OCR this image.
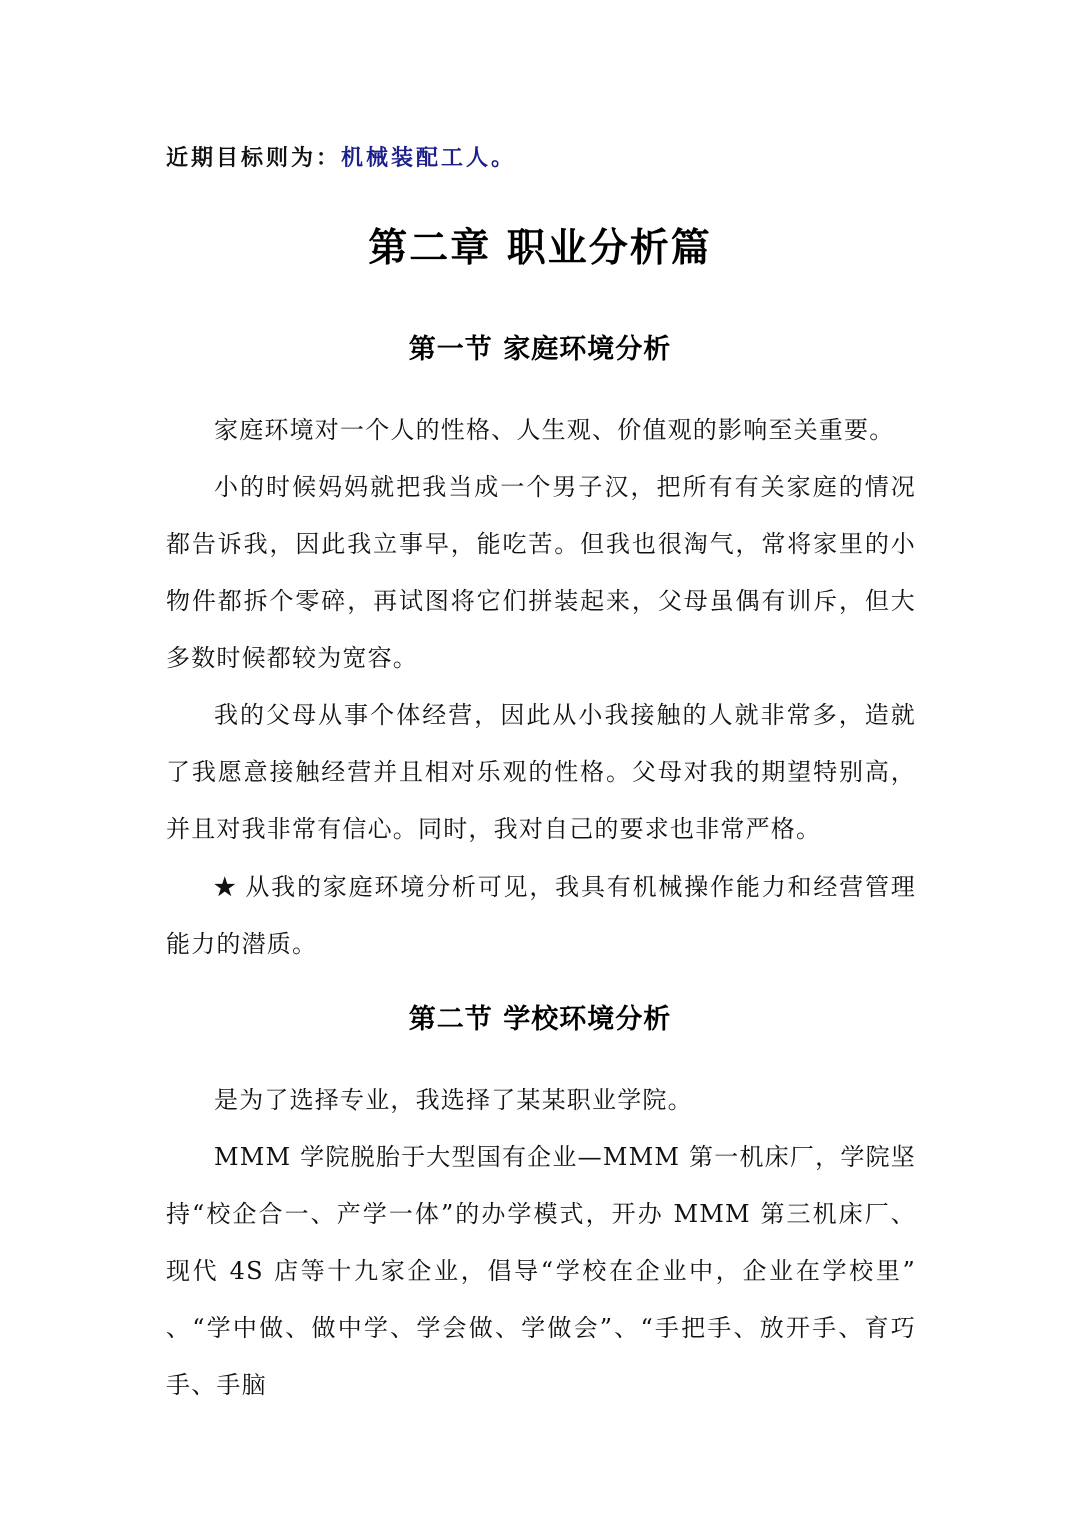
近期目标则为：机械装配工人。
第二章 职业分析篇
第一节 家庭环境分析

家庭环境对一个人的性格、人生观、价值观的影响至关重要。

小的时候妈妈就把我当成一个男子汉，把所有有关家庭的情况都告诉我，因此我立事早，能吃苦。但我也很淘气，常将家里的小物件都拆个零碎，再试图将它们拼装起来，父母虽偶有训斥，但大多数时候都较为宽容。

我的父母从事个体经营，因此从小我接触的人就非常多，造就了我愿意接触经营并且相对乐观的性格。父母对我的期望特别高，并且对我非常有信心。同时，我对自己的要求也非常严格。

★ 从我的家庭环境分析可见，我具有机械操作能力和经营管理能力的潜质。

第二节 学校环境分析

是为了选择专业，我选择了某某职业学院。

MMM 学院脱胎于大型国有企业—MMM 第一机床厂，学院坚持“校企合一、产学一体”的办学模式，开办 MMM 第三机床厂、现代 4S 店等十九家企业，倡导“学校在企业中，企业在学校里” 、“学中做、做中学、学会做、学做会”、“手把手、放开手、育巧手、手脑
